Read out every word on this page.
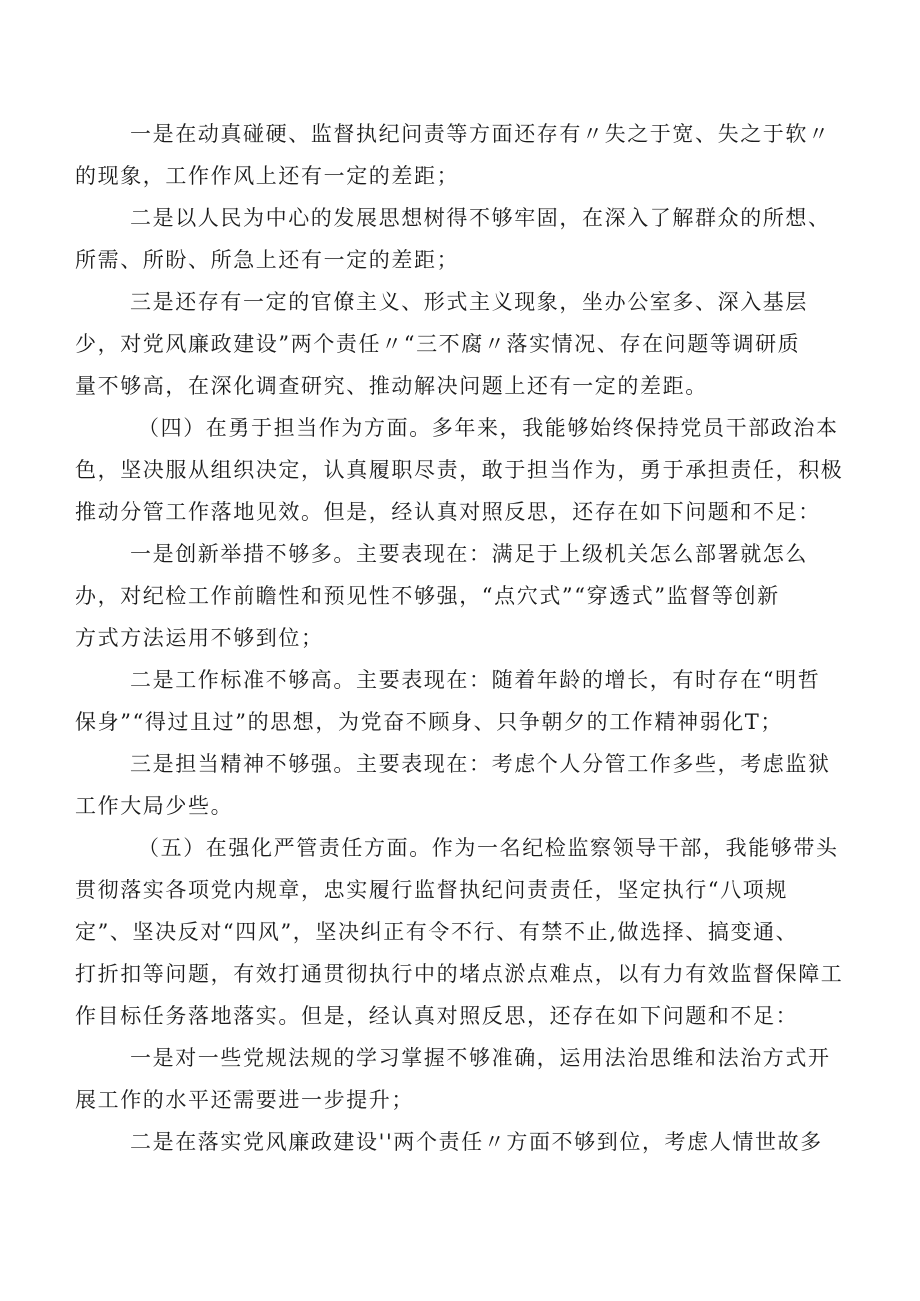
一是在动真碰硬、监督执纪问责等方面还存有〃失之于宽、失之于软〃
的现象，工作作风上还有一定的差距；
二是以人民为中心的发展思想树得不够牢固，在深入了解群众的所想、
所需、所盼、所急上还有一定的差距；
三是还存有一定的官僚主义、形式主义现象，坐办公室多、深入基层
少，对党风廉政建设”两个责任〃“三不腐〃落实情况、存在问题等调研质
量不够高，在深化调查研究、推动解决问题上还有一定的差距。
（四）在勇于担当作为方面。多年来，我能够始终保持党员干部政治本
色，坚决服从组织决定，认真履职尽责，敢于担当作为，勇于承担责任，积极
推动分管工作落地见效。但是，经认真对照反思，还存在如下问题和不足：
一是创新举措不够多。主要表现在：满足于上级机关怎么部署就怎么
办，对纪检工作前瞻性和预见性不够强，“点穴式”“穿透式”监督等创新
方式方法运用不够到位；
二是工作标准不够高。主要表现在：随着年龄的增长，有时存在“明哲
保身”“得过且过”的思想，为党奋不顾身、只争朝夕的工作精神弱化T；
三是担当精神不够强。主要表现在：考虑个人分管工作多些，考虑监狱
工作大局少些。
（五）在强化严管责任方面。作为一名纪检监察领导干部，我能够带头
贯彻落实各项党内规章，忠实履行监督执纪问责责任，坚定执行“八项规
定”、坚决反对“四风”，坚决纠正有令不行、有禁不止,做选择、搞变通、
打折扣等问题，有效打通贯彻执行中的堵点淤点难点，以有力有效监督保障工
作目标任务落地落实。但是，经认真对照反思，还存在如下问题和不足：
一是对一些党规法规的学习掌握不够准确，运用法治思维和法治方式开
展工作的水平还需要进一步提升；
二是在落实党风廉政建设''两个责任〃方面不够到位，考虑人情世故多
